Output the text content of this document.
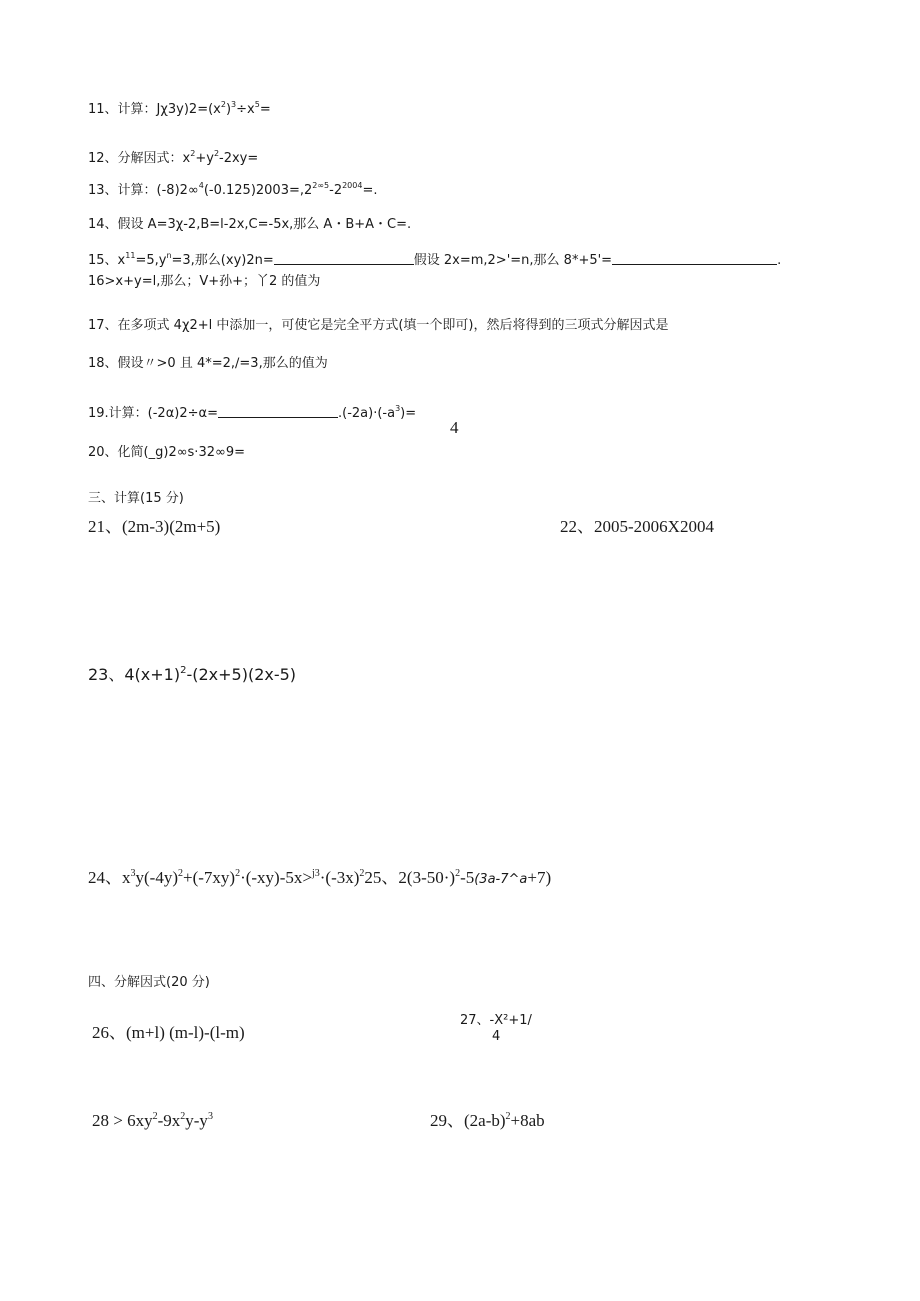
11、计算：$J\chi 3y)2=(x^2)^3\div x^5=$
12、分解因式：$x^2+y^2-2xy=$
13、计算：$(-8)2\infty^4(-0.125)2003=,2^{2\infty 5}-2^{2004}=$.
14、假设 A=3χ-2,B=l-2x,C=-5x,那么 A・B+A・C=.
15、$x^{11}=5,y^n=3$,那么(xy)2n=	假设 2x=m,2>'=n,那么 8*+5'=	.
16>x+y=l,那么；V+孙+；丫2 的值为
17、在多项式 4χ2+l 中添加一，可使它是完全平方式(填一个即可)，然后将得到的三项式分解因式是
18、假设〃>0 且 4*=2,∕=3,那么的值为
19.计算：(-2α)2÷α=	$.(-2a)\cdot(-a^3)=$
4
20、化简(_g)2∞s·32∞9=
三、计算(15 分)
21、(2m-3)(2m+5)	22、2005-2006X2004
23、$4(x+1)^2-(2x+5)(2x-5)$
24、$x^3y(-4y)^2+(-7xy)^2\cdot(-xy)-5x>^{j3}\cdot(-3x)^225$、$2(3-50\cdot)^2-5(3a-7\^{}a+7)$
四、分解因式(20 分)
26、(m+l) (m-l)-(l-m)
27、-X²+1/
4
$28 > 6xy^2-9x^2y-y^3$	29、$(2a-b)^2+8ab$
